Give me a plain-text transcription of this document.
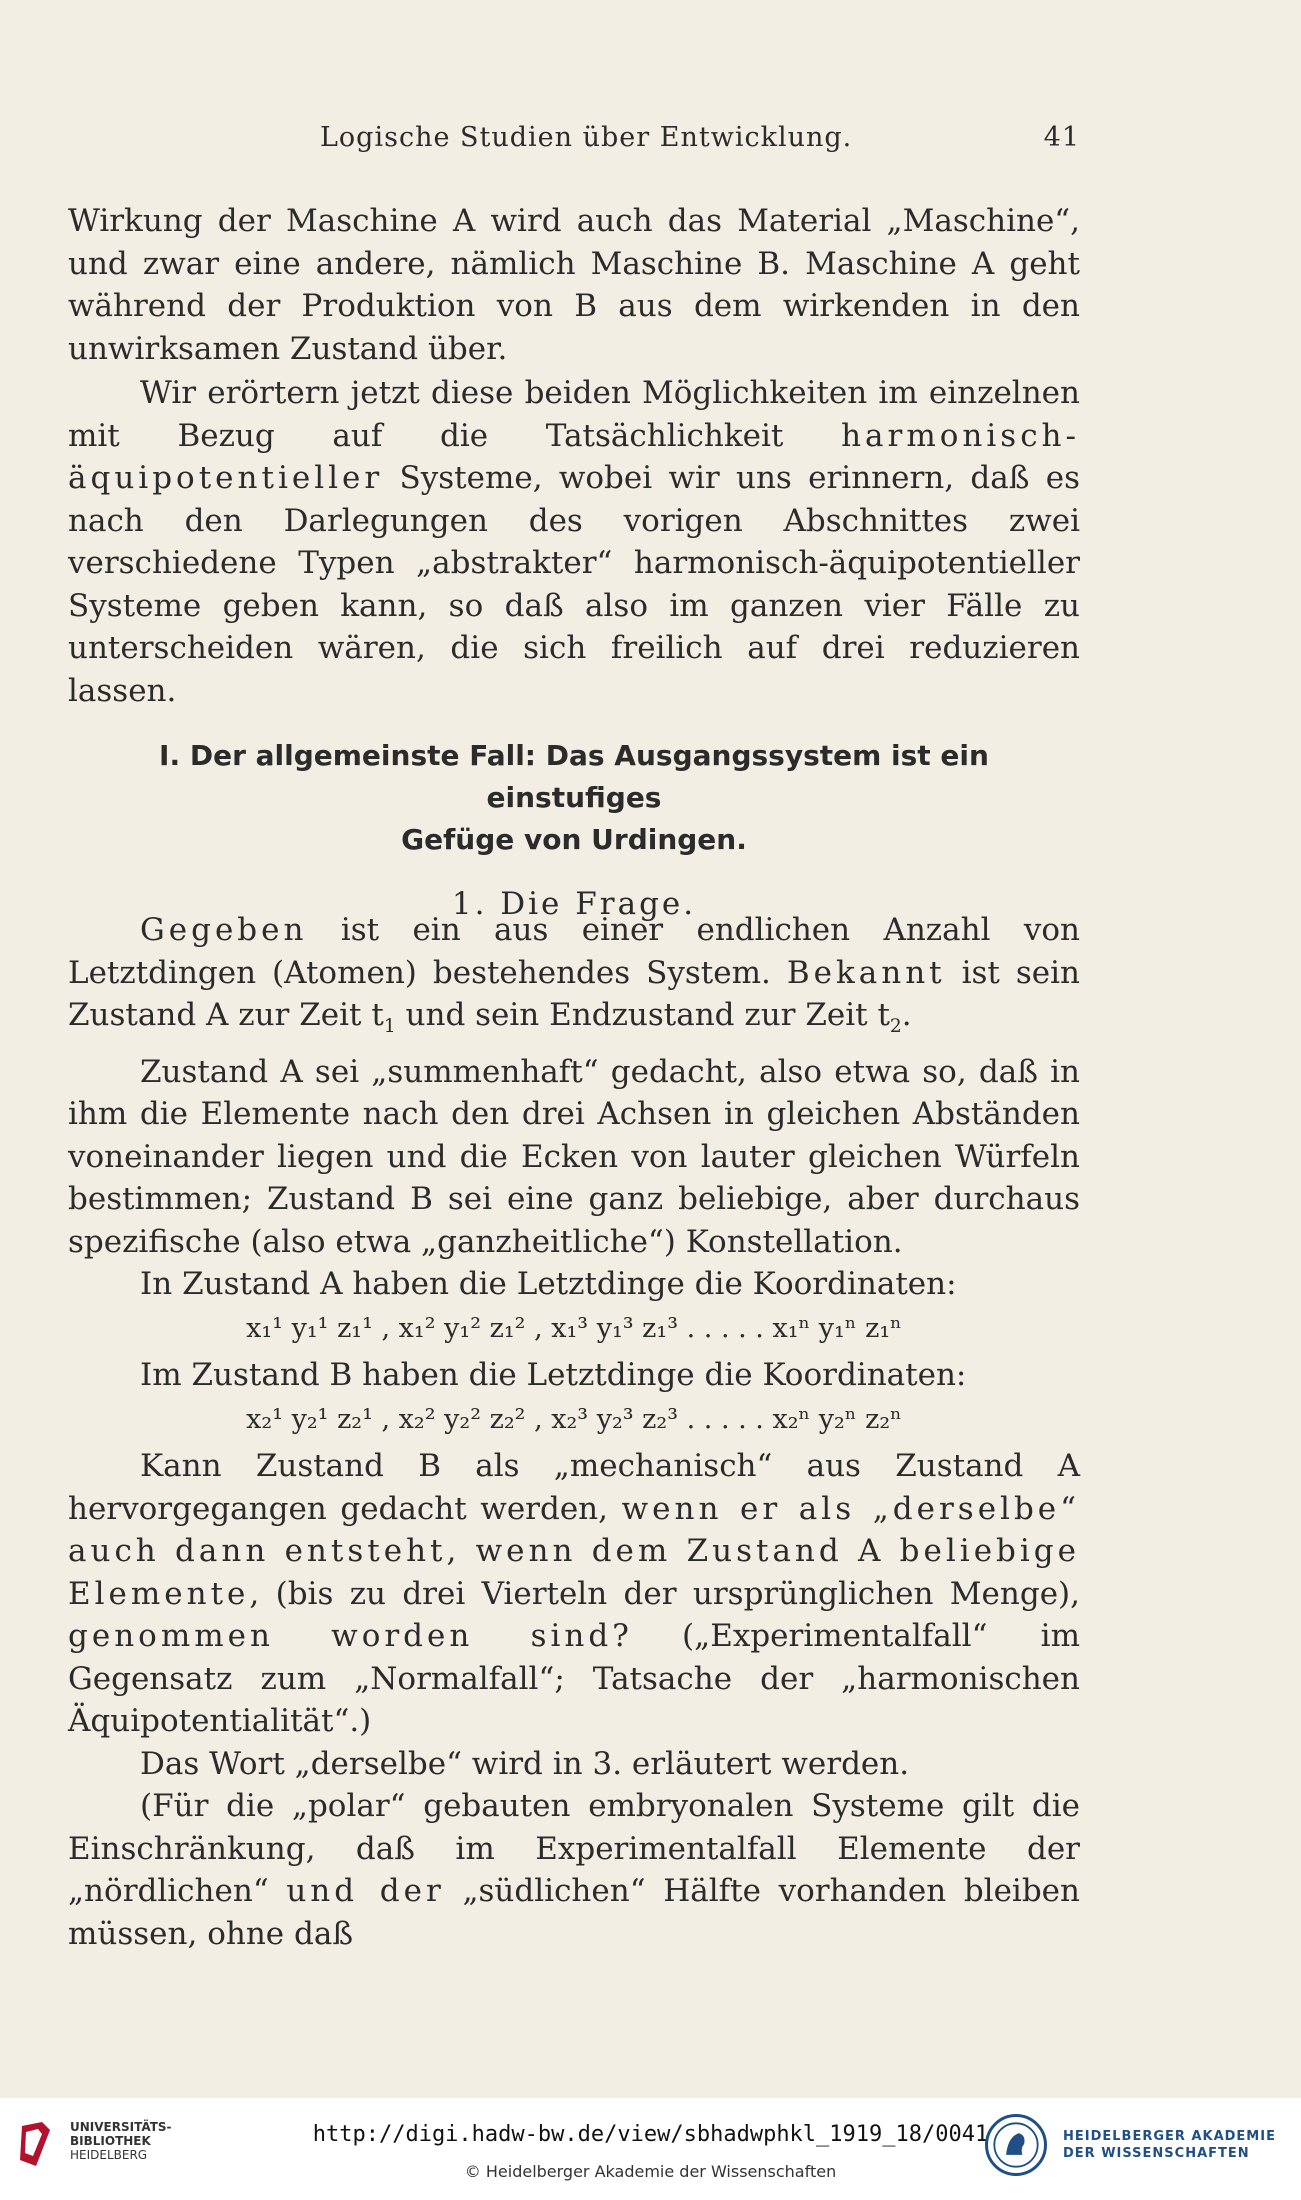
Logische Studien über Entwicklung.	41

Wirkung der Maschine A wird auch das Material „Maschine“, und zwar eine andere, nämlich Maschine B. Maschine A geht während der Produktion von B aus dem wirkenden in den unwirksamen Zustand über.

Wir erörtern jetzt diese beiden Möglichkeiten im einzelnen mit Bezug auf die Tatsächlichkeit harmonisch-äquipotentieller Systeme, wobei wir uns erinnern, daß es nach den Darlegungen des vorigen Abschnittes zwei verschiedene Typen „abstrakter“ harmonisch-äquipotentieller Systeme geben kann, so daß also im ganzen vier Fälle zu unterscheiden wären, die sich freilich auf drei reduzieren lassen.

I. Der allgemeinste Fall: Das Ausgangssystem ist ein einstufiges

Gefüge von Urdingen.

1. Die Frage.

Gegeben ist ein aus einer endlichen Anzahl von Letztdingen (Atomen) bestehendes System. Bekannt ist sein Zustand A zur Zeit $t_1$ und sein Endzustand zur Zeit $t_2$.

Zustand A sei „summenhaft“ gedacht, also etwa so, daß in ihm die Elemente nach den drei Achsen in gleichen Abständen voneinander liegen und die Ecken von lauter gleichen Würfeln bestimmen; Zustand B sei eine ganz beliebige, aber durchaus spezifische (also etwa „ganzheitliche“) Konstellation.

In Zustand A haben die Letztdinge die Koordinaten:

x₁¹ y₁¹ z₁¹ , x₁² y₁² z₁² , x₁³ y₁³ z₁³ . . . . . x₁ⁿ y₁ⁿ z₁ⁿ

Im Zustand B haben die Letztdinge die Koordinaten:

x₂¹ y₂¹ z₂¹ , x₂² y₂² z₂² , x₂³ y₂³ z₂³ . . . . . x₂ⁿ y₂ⁿ z₂ⁿ

Kann Zustand B als „mechanisch“ aus Zustand A hervorgegangen gedacht werden, wenn er als „derselbe“ auch dann entsteht, wenn dem Zustand A beliebige Elemente, (bis zu drei Vierteln der ursprünglichen Menge), genommen worden sind? („Experimentalfall“ im Gegensatz zum „Normalfall“; Tatsache der „harmonischen Äquipotentialität“.)

Das Wort „derselbe“ wird in 3. erläutert werden.

(Für die „polar“ gebauten embryonalen Systeme gilt die Einschränkung, daß im Experimentalfall Elemente der „nördlichen“ und der „südlichen“ Hälfte vorhanden bleiben müssen, ohne daß

UNIVERSITÄTS-
BIBLIOTHEK
HEIDELBERG
http://digi.hadw-bw.de/view/sbhadwphkl_1919_18/0041
© Heidelberger Akademie der Wissenschaften
HEIDELBERGER AKADEMIE
DER WISSENSCHAFTEN
